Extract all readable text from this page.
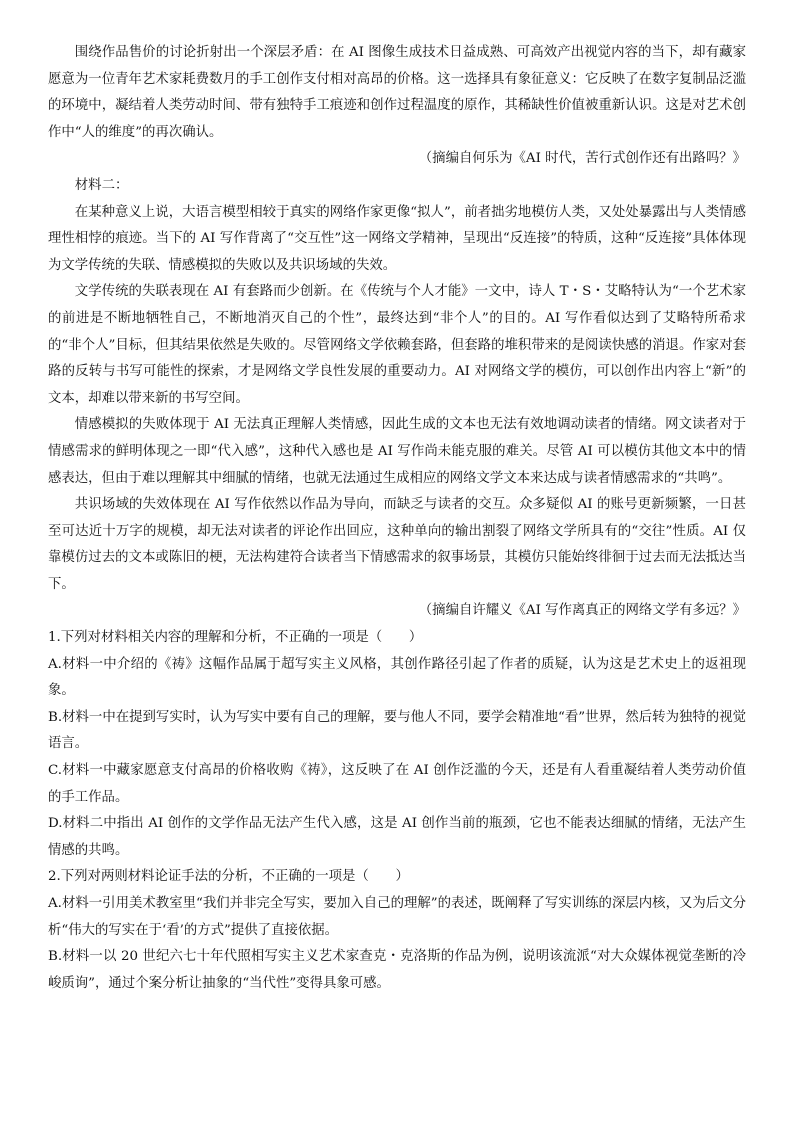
围绕作品售价的讨论折射出一个深层矛盾：在 AI 图像生成技术日益成熟、可高效产出视觉内容的当下，却有藏家愿意为一位青年艺术家耗费数月的手工创作支付相对高昂的价格。这一选择具有象征意义：它反映了在数字复制品泛滥的环境中，凝结着人类劳动时间、带有独特手工痕迹和创作过程温度的原作，其稀缺性价值被重新认识。这是对艺术创作中“人的维度”的再次确认。

（摘编自何乐为《AI 时代，苦行式创作还有出路吗？》

材料二：

在某种意义上说，大语言模型相较于真实的网络作家更像“拟人”，前者拙劣地模仿人类，又处处暴露出与人类情感理性相悖的痕迹。当下的 AI 写作背离了“交互性”这一网络文学精神，呈现出“反连接”的特质，这种“反连接”具体体现为文学传统的失联、情感模拟的失败以及共识场域的失效。

文学传统的失联表现在 AI 有套路而少创新。在《传统与个人才能》一文中，诗人 T・S・艾略特认为“一个艺术家的前进是不断地牺牲自己，不断地消灭自己的个性”，最终达到“非个人”的目的。AI 写作看似达到了艾略特所希求的“非个人”目标，但其结果依然是失败的。尽管网络文学依赖套路，但套路的堆积带来的是阅读快感的消退。作家对套路的反转与书写可能性的探索，才是网络文学良性发展的重要动力。AI 对网络文学的模仿，可以创作出内容上“新”的文本，却难以带来新的书写空间。

情感模拟的失败体现于 AI 无法真正理解人类情感，因此生成的文本也无法有效地调动读者的情绪。网文读者对于情感需求的鲜明体现之一即“代入感”，这种代入感也是 AI 写作尚未能克服的难关。尽管 AI 可以模仿其他文本中的情感表达，但由于难以理解其中细腻的情绪，也就无法通过生成相应的网络文学文本来达成与读者情感需求的“共鸣”。

共识场域的失效体现在 AI 写作依然以作品为导向，而缺乏与读者的交互。众多疑似 AI 的账号更新频繁，一日甚至可达近十万字的规模，却无法对读者的评论作出回应，这种单向的输出割裂了网络文学所具有的“交往”性质。AI 仅靠模仿过去的文本或陈旧的梗，无法构建符合读者当下情感需求的叙事场景，其模仿只能始终徘徊于过去而无法抵达当下。

（摘编自许耀义《AI 写作离真正的网络文学有多远？》

1.下列对材料相关内容的理解和分析，不正确的一项是（　　）

A.材料一中介绍的《祷》这幅作品属于超写实主义风格，其创作路径引起了作者的质疑，认为这是艺术史上的返祖现象。

B.材料一中在提到写实时，认为写实中要有自己的理解，要与他人不同，要学会精准地“看”世界，然后转为独特的视觉语言。

C.材料一中藏家愿意支付高昂的价格收购《祷》，这反映了在 AI 创作泛滥的今天，还是有人看重凝结着人类劳动价值的手工作品。

D.材料二中指出 AI 创作的文学作品无法产生代入感，这是 AI 创作当前的瓶颈，它也不能表达细腻的情绪，无法产生情感的共鸣。

2.下列对两则材料论证手法的分析，不正确的一项是（　　）

A.材料一引用美术教室里“我们并非完全写实，要加入自己的理解”的表述，既阐释了写实训练的深层内核，又为后文分析“伟大的写实在于‘看’的方式”提供了直接依据。

B.材料一以 20 世纪六七十年代照相写实主义艺术家查克・克洛斯的作品为例，说明该流派“对大众媒体视觉垄断的冷峻质询”，通过个案分析让抽象的“当代性”变得具象可感。
